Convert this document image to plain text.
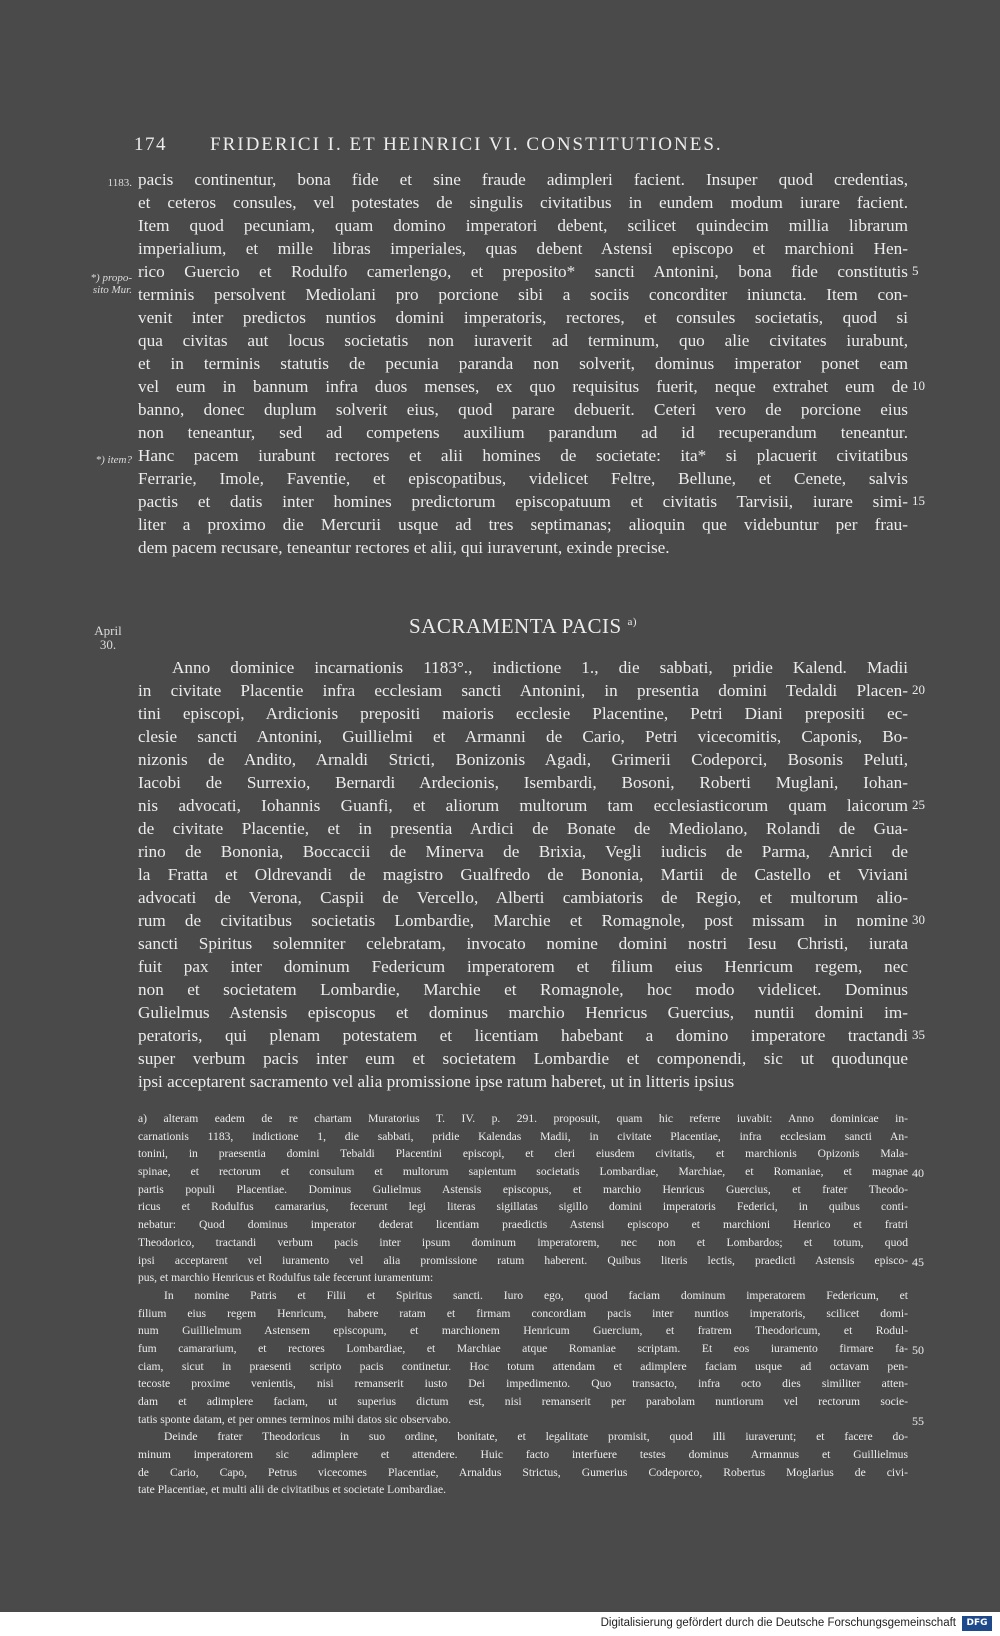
174 FRIDERICI I. ET HEINRICI VI. CONSTITUTIONES.
1183.
*) propo-
sito Mur.
*) item?
April
30.
pacis continentur, bona fide et sine fraude adimpleri facient. Insuper quod credentias,
et ceteros consules, vel potestates de singulis civitatibus in eundem modum iurare facient.
Item quod pecuniam, quam domino imperatori debent, scilicet quindecim millia librarum
imperialium, et mille libras imperiales, quas debent Astensi episcopo et marchioni Hen-
rico Guercio et Rodulfo camerlengo, et preposito* sancti Antonini, bona fide constitutis
terminis persolvent Mediolani pro porcione sibi a sociis concorditer iniuncta. Item con-
venit inter predictos nuntios domini imperatoris, rectores, et consules societatis, quod si
qua civitas aut locus societatis non iuraverit ad terminum, quo alie civitates iurabunt,
et in terminis statutis de pecunia paranda non solverit, dominus imperator ponet eam
vel eum in bannum infra duos menses, ex quo requisitus fuerit, neque extrahet eum de
banno, donec duplum solverit eius, quod parare debuerit. Ceteri vero de porcione eius
non teneantur, sed ad competens auxilium parandum ad id recuperandum teneantur.
Hanc pacem iurabunt rectores et alii homines de societate: ita* si placuerit civitatibus
Ferrarie, Imole, Faventie, et episcopatibus, videlicet Feltre, Bellune, et Cenete, salvis
pactis et datis inter homines predictorum episcopatuum et civitatis Tarvisii, iurare simi-
liter a proximo die Mercurii usque ad tres septimanas; alioquin que videbuntur per frau-
dem pacem recusare, teneantur rectores et alii, qui iuraverunt, exinde precise.
SACRAMENTA PACIS $^{a)}$
Anno dominice incarnationis 1183°., indictione 1., die sabbati, pridie Kalend. Madii
in civitate Placentie infra ecclesiam sancti Antonini, in presentia domini Tedaldi Placen-
tini episcopi, Ardicionis prepositi maioris ecclesie Placentine, Petri Diani prepositi ec-
clesie sancti Antonini, Guillielmi et Armanni de Cario, Petri vicecomitis, Caponis, Bo-
nizonis de Andito, Arnaldi Stricti, Bonizonis Agadi, Grimerii Codeporci, Bosonis Peluti,
Iacobi de Surrexio, Bernardi Ardecionis, Isembardi, Bosoni, Roberti Muglani, Iohan-
nis advocati, Iohannis Guanfi, et aliorum multorum tam ecclesiasticorum quam laicorum
de civitate Placentie, et in presentia Ardici de Bonate de Mediolano, Rolandi de Gua-
rino de Bononia, Boccaccii de Minerva de Brixia, Vegli iudicis de Parma, Anrici de
la Fratta et Oldrevandi de magistro Gualfredo de Bononia, Martii de Castello et Viviani
advocati de Verona, Caspii de Vercello, Alberti cambiatoris de Regio, et multorum alio-
rum de civitatibus societatis Lombardie, Marchie et Romagnole, post missam in nomine
sancti Spiritus solemniter celebratam, invocato nomine domini nostri Iesu Christi, iurata
fuit pax inter dominum Federicum imperatorem et filium eius Henricum regem, nec
non et societatem Lombardie, Marchie et Romagnole, hoc modo videlicet. Dominus
Gulielmus Astensis episcopus et dominus marchio Henricus Guercius, nuntii domini im-
peratoris, qui plenam potestatem et licentiam habebant a domino imperatore tractandi
super verbum pacis inter eum et societatem Lombardie et componendi, sic ut quodunque
ipsi acceptarent sacramento vel alia promissione ipse ratum haberet, ut in litteris ipsius
a) alteram eadem de re chartam Muratorius T. IV. p. 291. proposuit, quam hic referre iuvabit: Anno dominicae in-
carnationis 1183, indictione 1, die sabbati, pridie Kalendas Madii, in civitate Placentiae, infra ecclesiam sancti An-
tonini, in praesentia domini Tebaldi Placentini episcopi, et cleri eiusdem civitatis, et marchionis Opizonis Mala-
spinae, et rectorum et consulum et multorum sapientum societatis Lombardiae, Marchiae, et Romaniae, et magnae
partis populi Placentiae. Dominus Gulielmus Astensis episcopus, et marchio Henricus Guercius, et frater Theodo-
ricus et Rodulfus camararius, fecerunt legi literas sigillatas sigillo domini imperatoris Federici, in quibus conti-
nebatur: Quod dominus imperator dederat licentiam praedictis Astensi episcopo et marchioni Henrico et fratri
Theodorico, tractandi verbum pacis inter ipsum dominum imperatorem, nec non et Lombardos; et totum, quod
ipsi acceptarent vel iuramento vel alia promissione ratum haberent. Quibus literis lectis, praedicti Astensis episco-
pus, et marchio Henricus et Rodulfus tale fecerunt iuramentum:
In nomine Patris et Filii et Spiritus sancti. Iuro ego, quod faciam dominum imperatorem Federicum, et
filium eius regem Henricum, habere ratam et firmam concordiam pacis inter nuntios imperatoris, scilicet domi-
num Guillielmum Astensem episcopum, et marchionem Henricum Guercium, et fratrem Theodoricum, et Rodul-
fum camararium, et rectores Lombardiae, et Marchiae atque Romaniae scriptam. Et eos iuramento firmare fa-
ciam, sicut in praesenti scripto pacis continetur. Hoc totum attendam et adimplere faciam usque ad octavam pen-
tecoste proxime venientis, nisi remanserit iusto Dei impedimento. Quo transacto, infra octo dies similiter atten-
dam et adimplere faciam, ut superius dictum est, nisi remanserit per parabolam nuntiorum vel rectorum socie-
tatis sponte datam, et per omnes terminos mihi datos sic observabo.
Deinde frater Theodoricus in suo ordine, bonitate, et legalitate promisit, quod illi iuraverunt; et facere do-
minum imperatorem sic adimplere et attendere. Huic facto interfuere testes dominus Armannus et Guillielmus
de Cario, Capo, Petrus vicecomes Placentiae, Arnaldus Strictus, Gumerius Codeporco, Robertus Moglarius de civi-
tate Placentiae, et multi alii de civitatibus et societate Lombardiae.
5
10
15
20
25
30
35
40
45
50
55
Digitalisierung gefördert durch die Deutsche Forschungsgemeinschaft	DFG
